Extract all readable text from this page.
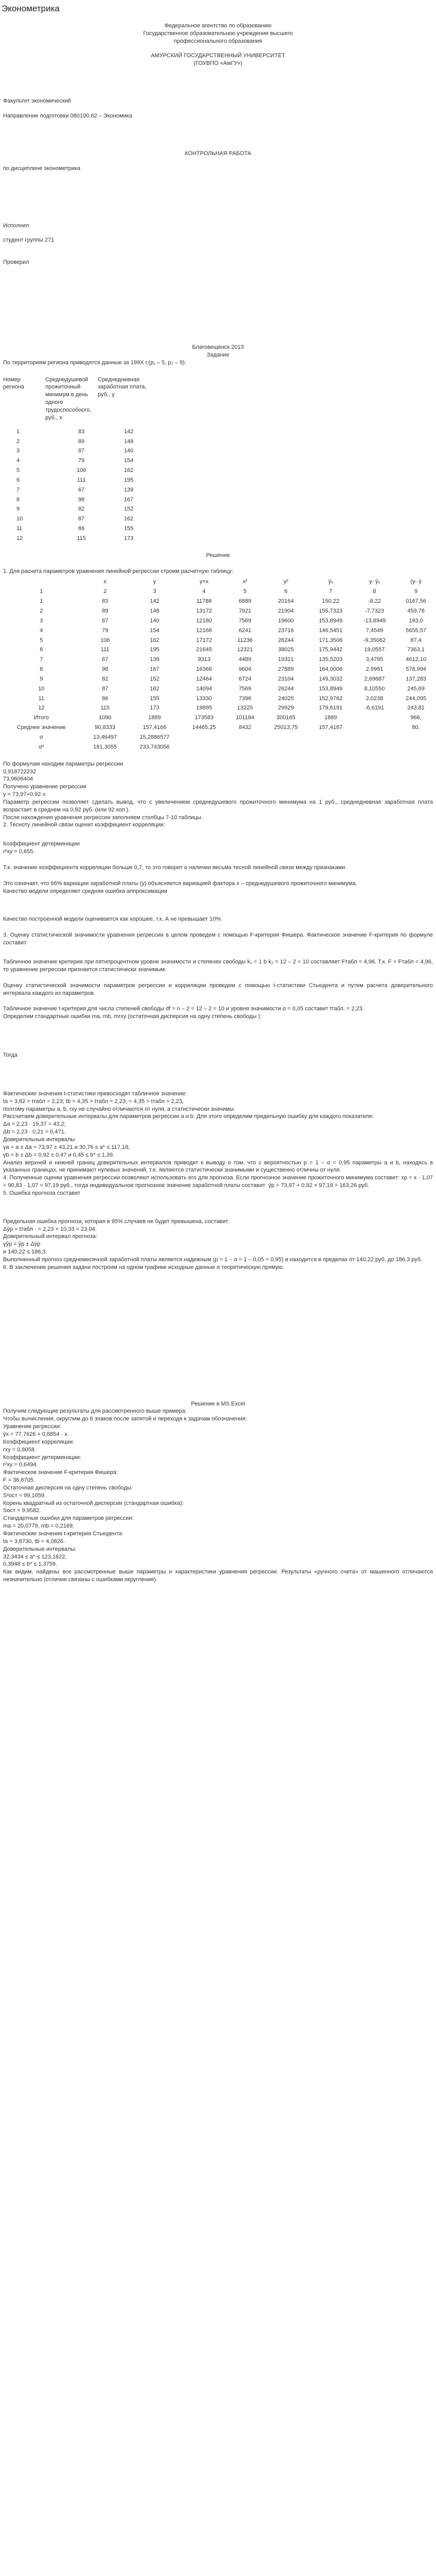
Эконометрика
Федеральное агентство по образованию
Государственное образовательное учреждение высшего профессионального образования
АМУРСКИЙ ГОСУДАРСТВЕННЫЙ УНИВЕРСИТЕТ
(ГОУВПО «АмГУ»)
Факультет экономический
Направление подготовки 080100.62 – Экономика
КОНТРОЛЬНАЯ РАБОТА
по дисциплине эконометрика
Исполнил
студент группы 271
Проверил
Благовещенск 2013
Задание
По территориям региона приводятся данные за 199Х г.(p₁ – 5, p₂ – 9):
Номер региона	Среднедушевой прожиточный минимум в день одного трудоспособного, руб., х	Среднедневная заработная плата, руб., у
1	83	142
2	89	148
3	87	140
4	79	154
5	106	162
6	111	195
7	67	139
8	98	167
9	82	152
10	87	162
11	86	155
12	115	173
Решение
1. Для расчета параметров уравнения линейной регрессии строим расчетную таблицу:
	x	y	y×x	x²	y²	ŷₓ	y- ŷₓ	(y- ŷ
1	2	3	4	5	6	7	8	9
1	83	142	11786	6889	20164	150,22	-8,22	0167,56
2	89	148	13172	7921	21904	155,7323	-7,7323	459,78
3	87	140	12180	7569	19600	153,8949	-13,8949	193,0
4	79	154	12166	6241	23716	146,5451	7,4549	5655,57
5	106	162	17172	11236	26244	171,3506	-9,35062	87,4
6	111	195	21645	12321	38025	175,9442	19,0557	7363,1
7	67	139	9313	4489	19321	135,5203	3,4795	4612,10
8	98	167	16366	9604	27889	164,0006	2,9991	578,994
9	82	152	12464	6724	23104	149,3032	2,69687	137,283
10	87	162	14094	7569	26244	153,8949	8,10550	245,69
11	86	155	13330	7396	24025	152,9762	2,0238	244,095
12	115	173	19895	13225	29929	179,6191	-6,6191	243,81
Итого	1090	1889	173583	101184	300165	1889		966,
Среднее значение	90,8333	157,4166	14465,25	8432	25013,75	157,4167		80,
σ	13,46497	15,2886577						
σ²	181,3055	233,743056						
По формулам находим параметры регрессии
0,918722232
73,9606404
Получено уравнение регрессии
у = 73,97+0,92·х
Параметр регрессии позволяет сделать вывод, что с увеличением среднедушевого прожиточного минимума на 1 руб., среднедневная заработная плата возрастает в среднем на 0,92 руб. (или 92 коп.).
После нахождения уравнения регрессии заполняем столбцы 7-10 таблицы.
2. Тесноту линейной связи оценит коэффициент корреляции:
Коэффициент детерминации
r²xy = 0,655.
Т.к. значение коэффициента корреляции больше 0,7, то это говорит о наличии весьма тесной линейной связи между признаками.
Это означает, что 66% вариации заработной платы (у) объясняется вариацией фактора х – среднедушевого прожиточного минимума.
Качество модели определяет средняя ошибка аппроксимации
Качество построенной модели оценивается как хорошее, т.к. А не превышает 10%.
3. Оценку статистической значимости уравнения регрессии в целом проведем с помощью F-критерия Фишера. Фактическое значение F-критерия по формуле составит
Табличное значение критерия при пятипроцентном уровне значимости и степенях свободы k₁ = 1 b k₂ = 12 – 2 = 10 составляет Fтабл = 4,96. Т.к. F = Fтабл = 4,96, то уравнение регрессии признается статистически значимым.
Оценку статистической значимости параметров регрессии и корреляции проведем с помощью t-статистики Стьюдента и путем расчета доверительного интервала каждого из параметров.
Табличное значение t-критерия для числа степеней свободы df = n – 2 = 12 – 2 = 10 и уровня значимости α = 0,05 составит tтабл. = 2,23.
Определим стандартные ошибки ma, mb, mrxy (остаточная дисперсия на одну степень свободы ):
Тогда
Фактические значения t-статистики превосходят табличное значение:
ta = 3,82 > tтабл = 2,23; tb = 4,35 > tтабл = 2,23; = 4,35 > tтабл = 2,23,
поэтому параметры a, b, rxy не случайно отличаются от нуля, а статистически значимы.
Рассчитаем доверительные интервалы для параметров регрессии a и b. Для этого определим предельную ошибку для каждого показателя:
Δa = 2,23 · 19,37 = 43,2;
Δb = 2,23 · 0,21 = 0,471.
Доверительные интервалы
γa = a ± Δa = 73,97 ± 43,21 и 30,76 ≤ a* ≤ 117,18;
γb = b ± Δb = 0,92 ± 0,47 и 0,45 ≤ b* ≤ 1,39.
Анализ верхней и нижней границ доверительных интервалов приводит к выводу о том, что с вероятностью p = 1 – α = 0,95 параметры a и b, находясь в указанных границах, не принимают нулевых значений, т.е. являются статистически значимыми и существенно отличны от нуля.
4. Полученные оценки уравнения регрессии позволяют использовать его для прогноза. Если прогнозное значение прожиточного минимума составит: xp = x · 1,07 = 90,83 · 1,07 = 97,19 руб., тогда индивидуальное прогнозное значение заработной платы составит: ŷp = 73,97 + 0,92 × 97,19 = 163,26 руб.
5. Ошибка прогноза составит
Предельная ошибка прогноза, которая в 95% случаев не будет превышена, составит:
Δŷp = tтабл · = 2,23 × 10,33 = 23,04.
Доверительный интервал прогноза:
γŷp = ŷp ± Δŷp
и 140,22 ≤ 186,3.
Выполненный прогноз среднемесячной заработной платы является надежным (p = 1 – α = 1 – 0,05 = 0,95) и находится в пределах от 140,22 руб. до 186,3 руб.
6. В заключение решения задачи построим на одном графике исходные данные и теоретическую прямую:
Решение в MS Excel
Получим следующие результаты для рассмотренного выше примера:
Чтобы вычисления, округлим до 6 знаков после запятой и переходя к задачам обозначения:
Уравнение регрессии:
ŷx = 77,7626 + 0,8854 · x.
Коэффициент корреляции:
rxy = 0,8058.
Коэффициент детерминации:
r²xy = 0,6494.
Фактическое значение F-критерия Фишера:
F = 36,6705.
Остаточная дисперсия на одну степень свободы:
S²ост = 99,1659.
Корень квадратный из остаточной дисперсии (стандартная ошибка):
Sост = 9,9582.
Стандартные ошибки для параметров регрессии:
ma = 20,0779, mb = 0,2169.
Фактические значения t-критерия Стьюдента:
ta = 3,8730, tb = 4,0826.
Доверительные интервалы:
32,3434 ≤ a* ≤ 123,1822,
0,3948 ≤ b* ≤ 1,3759.
Как видим, найдены все рассмотренные выше параметры и характеристики уравнения регрессии. Результаты «ручного счета» от машинного отличаются незначительно (отличия связаны с ошибками округления).
